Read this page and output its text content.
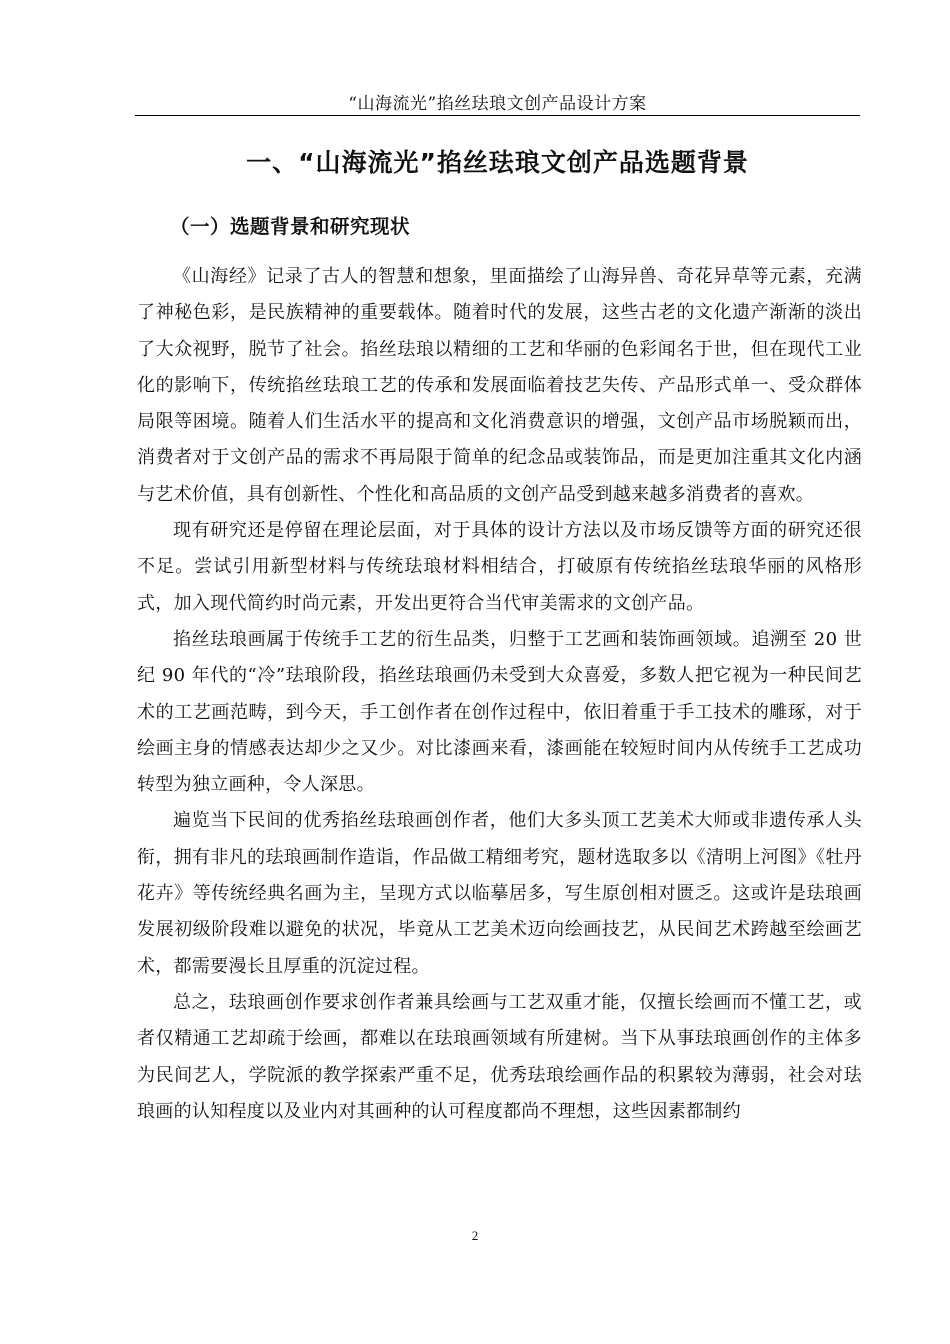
“山海流光”掐丝珐琅文创产品设计方案
一、“山海流光”掐丝珐琅文创产品选题背景
（一）选题背景和研究现状

《山海经》记录了古人的智慧和想象，里面描绘了山海异兽、奇花异草等元素，充满了神秘色彩，是民族精神的重要载体。随着时代的发展，这些古老的文化遗产渐渐的淡出了大众视野，脱节了社会。掐丝珐琅以精细的工艺和华丽的色彩闻名于世，但在现代工业化的影响下，传统掐丝珐琅工艺的传承和发展面临着技艺失传、产品形式单一、受众群体局限等困境。随着人们生活水平的提高和文化消费意识的增强，文创产品市场脱颖而出，消费者对于文创产品的需求不再局限于简单的纪念品或装饰品，而是更加注重其文化内涵与艺术价值，具有创新性、个性化和高品质的文创产品受到越来越多消费者的喜欢。

现有研究还是停留在理论层面，对于具体的设计方法以及市场反馈等方面的研究还很不足。尝试引用新型材料与传统珐琅材料相结合，打破原有传统掐丝珐琅华丽的风格形式，加入现代简约时尚元素，开发出更符合当代审美需求的文创产品。

掐丝珐琅画属于传统手工艺的衍生品类，归整于工艺画和装饰画领域。追溯至 20 世纪 90 年代的“冷”珐琅阶段，掐丝珐琅画仍未受到大众喜爱，多数人把它视为一种民间艺术的工艺画范畴，到今天，手工创作者在创作过程中，依旧着重于手工技术的雕琢，对于绘画主身的情感表达却少之又少。对比漆画来看，漆画能在较短时间内从传统手工艺成功转型为独立画种，令人深思。

遍览当下民间的优秀掐丝珐琅画创作者，他们大多头顶工艺美术大师或非遗传承人头衔，拥有非凡的珐琅画制作造诣，作品做工精细考究，题材选取多以《清明上河图》《牡丹花卉》等传统经典名画为主，呈现方式以临摹居多，写生原创相对匮乏。这或许是珐琅画发展初级阶段难以避免的状况，毕竟从工艺美术迈向绘画技艺，从民间艺术跨越至绘画艺术，都需要漫长且厚重的沉淀过程。

总之，珐琅画创作要求创作者兼具绘画与工艺双重才能，仅擅长绘画而不懂工艺，或者仅精通工艺却疏于绘画，都难以在珐琅画领域有所建树。当下从事珐琅画创作的主体多为民间艺人，学院派的教学探索严重不足，优秀珐琅绘画作品的积累较为薄弱，社会对珐琅画的认知程度以及业内对其画种的认可程度都尚不理想，这些因素都制约

2
